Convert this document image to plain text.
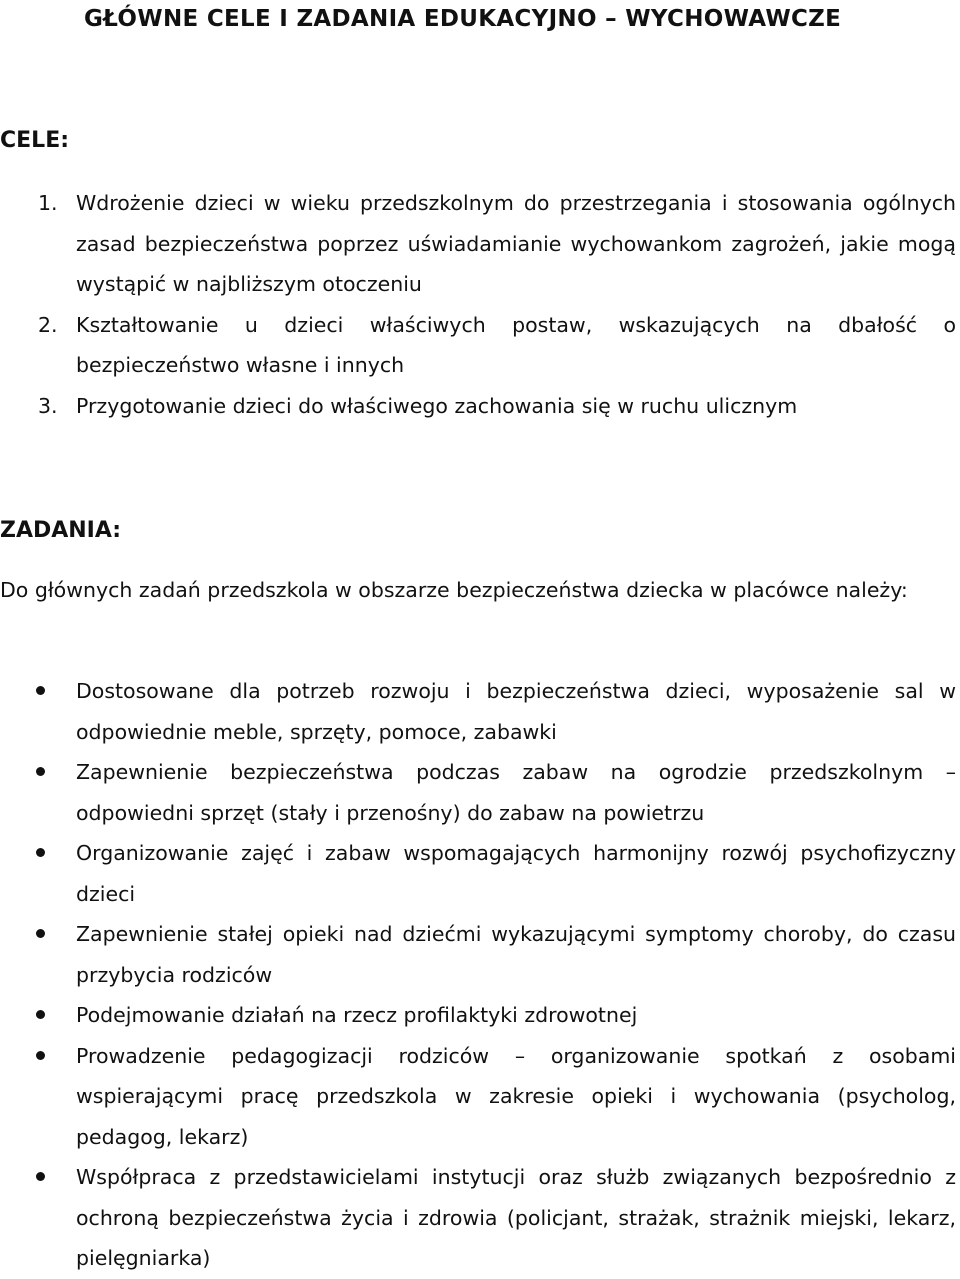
GŁÓWNE CELE I ZADANIA EDUKACYJNO – WYCHOWAWCZE
CELE:
1. Wdrożenie dzieci w wieku przedszkolnym do przestrzegania i stosowania ogólnych zasad bezpieczeństwa poprzez uświadamianie wychowankom zagrożeń, jakie mogą wystąpić w najbliższym otoczeniu
2. Kształtowanie u dzieci właściwych postaw, wskazujących na dbałość o bezpieczeństwo własne i innych
3. Przygotowanie dzieci do właściwego zachowania się w ruchu ulicznym
ZADANIA:

Do głównych zadań przedszkola w obszarze bezpieczeństwa dziecka w placówce należy:

Dostosowane dla potrzeb rozwoju i bezpieczeństwa dzieci, wyposażenie sal w odpowiednie meble, sprzęty, pomoce, zabawki
Zapewnienie bezpieczeństwa podczas zabaw na ogrodzie przedszkolnym – odpowiedni sprzęt (stały i przenośny) do zabaw na powietrzu
Organizowanie zajęć i zabaw wspomagających harmonijny rozwój psychofizyczny dzieci
Zapewnienie stałej opieki nad dziećmi wykazującymi symptomy choroby, do czasu przybycia rodziców
Podejmowanie działań na rzecz profilaktyki zdrowotnej
Prowadzenie pedagogizacji rodziców – organizowanie spotkań z osobami wspierającymi pracę przedszkola w zakresie opieki i wychowania (psycholog, pedagog, lekarz)
Współpraca z przedstawicielami instytucji oraz służb związanych bezpośrednio z ochroną bezpieczeństwa życia i zdrowia (policjant, strażak, strażnik miejski, lekarz, pielęgniarka)
